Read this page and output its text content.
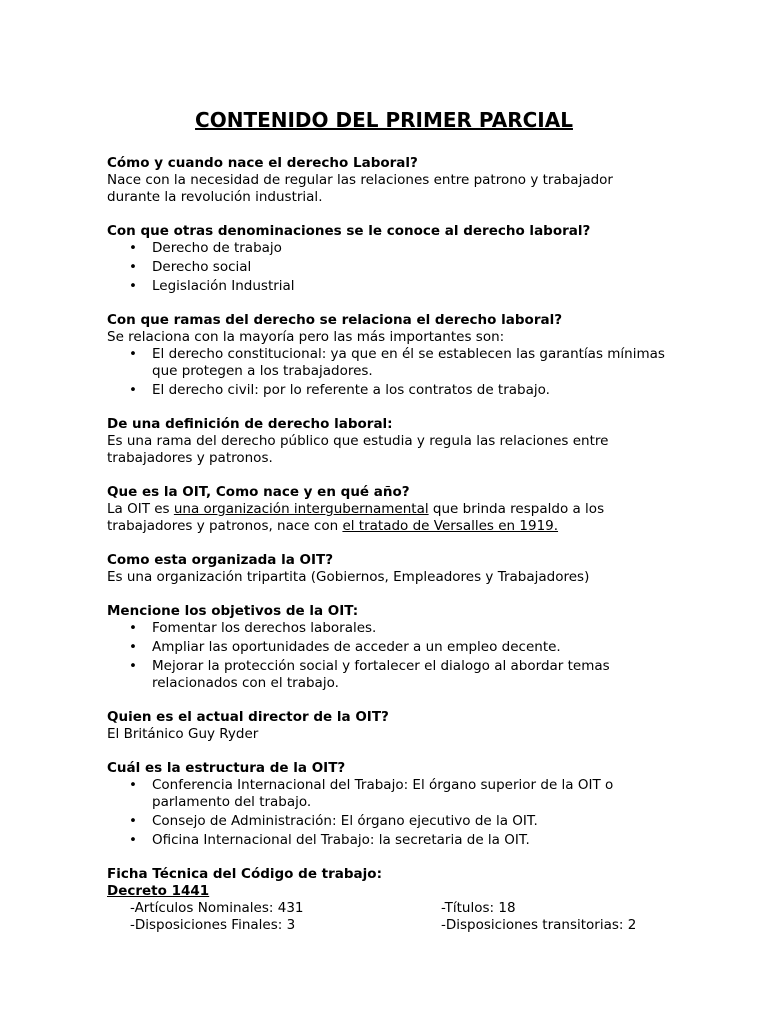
CONTENIDO DEL PRIMER PARCIAL

Cómo y cuando nace el derecho Laboral?

Nace con la necesidad de regular las relaciones entre patrono y trabajador durante la revolución industrial.

Con que otras denominaciones se le conoce al derecho laboral?

• Derecho de trabajo
• Derecho social
• Legislación Industrial

Con que ramas del derecho se relaciona el derecho laboral?

Se relaciona con la mayoría pero las más importantes son:

• El derecho constitucional: ya que en él se establecen las garantías mínimas que protegen a los trabajadores.
• El derecho civil: por lo referente a los contratos de trabajo.

De una definición de derecho laboral:

Es una rama del derecho público que estudia y regula las relaciones entre trabajadores y patronos.

Que es la OIT, Como nace y en qué año?

La OIT es una organización intergubernamental que brinda respaldo a los trabajadores y patronos, nace con el tratado de Versalles en 1919.

Como esta organizada la OIT?

Es una organización tripartita (Gobiernos, Empleadores y Trabajadores)

Mencione los objetivos de la OIT:

• Fomentar los derechos laborales.
• Ampliar las oportunidades de acceder a un empleo decente.
• Mejorar la protección social y fortalecer el dialogo al abordar temas relacionados con el trabajo.

Quien es el actual director de la OIT?

El Británico Guy Ryder

Cuál es la estructura de la OIT?

• Conferencia Internacional del Trabajo: El órgano superior de la OIT o parlamento del trabajo.
• Consejo de Administración: El órgano ejecutivo de la OIT.
• Oficina Internacional del Trabajo: la secretaria de la OIT.

Ficha Técnica del Código de trabajo:

Decreto 1441

-Artículos Nominales: 431	-Títulos: 18
-Disposiciones Finales: 3	-Disposiciones transitorias: 2
